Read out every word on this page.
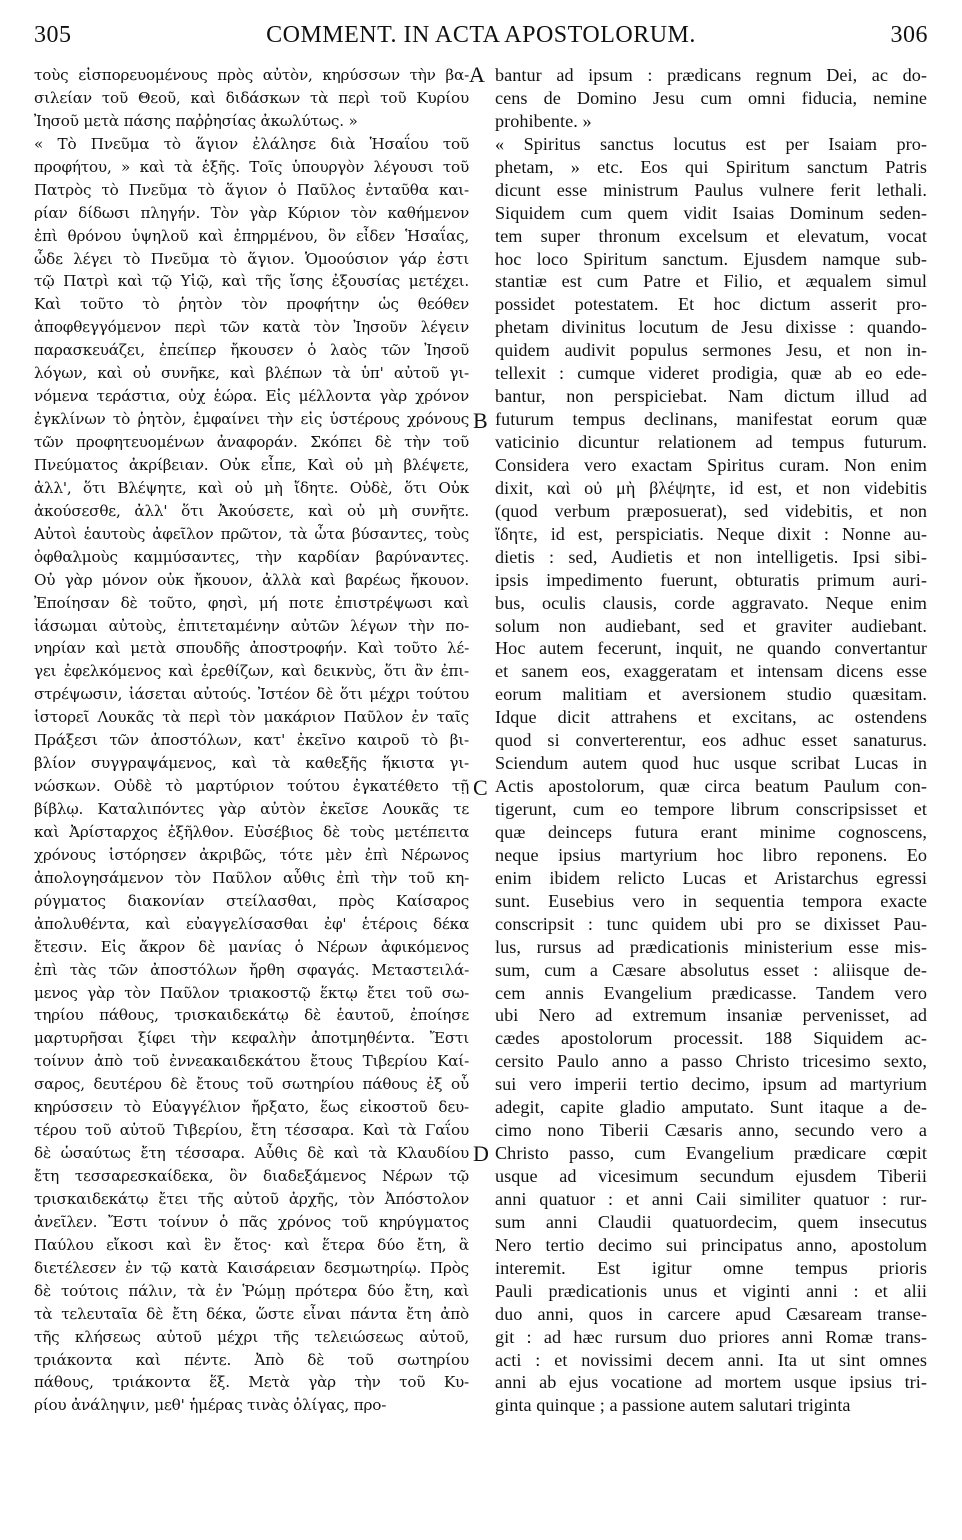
305	COMMENT. IN ACTA APOSTOLORUM.	306
τοὺς εἰσπορευομένους πρὸς αὐτὸν, κηρύσσων τὴν βα-
σιλείαν τοῦ Θεοῦ, καὶ διδάσκων τὰ περὶ τοῦ Κυρίου
Ἰησοῦ μετὰ πάσης παῤῥησίας ἀκωλύτως. »
« Τὸ Πνεῦμα τὸ ἅγιον ἐλάλησε διὰ Ἡσαΐου τοῦ
προφήτου, » καὶ τὰ ἑξῆς. Τοῖς ὑπουργὸν λέγουσι τοῦ
Πατρὸς τὸ Πνεῦμα τὸ ἅγιον ὁ Παῦλος ἐνταῦθα και-
ρίαν δίδωσι πληγήν. Τὸν γὰρ Κύριον τὸν καθήμενον
ἐπὶ θρόνου ὑψηλοῦ καὶ ἐπηρμένου, ὃν εἶδεν Ἡσαΐας,
ὧδε λέγει τὸ Πνεῦμα τὸ ἅγιον. Ὁμοούσιον γάρ ἐστι
τῷ Πατρὶ καὶ τῷ Υἱῷ, καὶ τῆς ἴσης ἐξουσίας μετέχει.
Καὶ τοῦτο τὸ ῥητὸν τὸν προφήτην ὡς θεόθεν
ἀποφθεγγόμενον περὶ τῶν κατὰ τὸν Ἰησοῦν λέγειν
παρασκευάζει, ἐπείπερ ἤκουσεν ὁ λαὸς τῶν Ἰησοῦ
λόγων, καὶ οὐ συνῆκε, καὶ βλέπων τὰ ὑπ' αὐτοῦ γι-
νόμενα τεράστια, οὐχ ἑώρα. Εἰς μέλλοντα γὰρ χρόνον
ἐγκλίνων τὸ ῥητὸν, ἐμφαίνει τὴν εἰς ὑστέρους χρόνους
τῶν προφητευομένων ἀναφοράν. Σκόπει δὲ τὴν τοῦ
Πνεύματος ἀκρίβειαν. Οὐκ εἶπε, Καὶ οὐ μὴ βλέψετε,
ἀλλ', ὅτι Βλέψητε, καὶ οὐ μὴ ἴδητε. Οὐδὲ, ὅτι Οὐκ
ἀκούσεσθε, ἀλλ' ὅτι Ἀκούσετε, καὶ οὐ μὴ συνῆτε.
Αὐτοὶ ἑαυτοὺς ἀφεῖλον πρῶτον, τὰ ὦτα βύσαντες, τοὺς
ὀφθαλμοὺς καμμύσαντες, τὴν καρδίαν βαρύναντες.
Οὐ γὰρ μόνον οὐκ ἤκουον, ἀλλὰ καὶ βαρέως ἤκουον.
Ἐποίησαν δὲ τοῦτο, φησὶ, μή ποτε ἐπιστρέψωσι καὶ
ἰάσωμαι αὐτοὺς, ἐπιτεταμένην αὐτῶν λέγων τὴν πο-
νηρίαν καὶ μετὰ σπουδῆς ἀποστροφήν. Καὶ τοῦτο λέ-
γει ἐφελκόμενος καὶ ἐρεθίζων, καὶ δεικνὺς, ὅτι ἂν ἐπι-
στρέψωσιν, ἰάσεται αὐτούς. Ἰστέον δὲ ὅτι μέχρι τούτου
ἱστορεῖ Λουκᾶς τὰ περὶ τὸν μακάριον Παῦλον ἐν ταῖς
Πράξεσι τῶν ἀποστόλων, κατ' ἐκεῖνο καιροῦ τὸ βι-
βλίον συγγραψάμενος, καὶ τὰ καθεξῆς ἥκιστα γι-
νώσκων. Οὐδὲ τὸ μαρτύριον τούτου ἐγκατέθετο τῇ
βίβλῳ. Καταλιπόντες γὰρ αὐτὸν ἐκεῖσε Λουκᾶς τε
καὶ Ἀρίσταρχος ἐξῆλθον. Εὐσέβιος δὲ τοὺς μετέπειτα
χρόνους ἱστόρησεν ἀκριβῶς, τότε μὲν ἐπὶ Νέρωνος
ἀπολογησάμενον τὸν Παῦλον αὖθις ἐπὶ τὴν τοῦ κη-
ρύγματος διακονίαν στείλασθαι, πρὸς Καίσαρος
ἀπολυθέντα, καὶ εὐαγγελίσασθαι ἐφ' ἑτέροις δέκα
ἔτεσιν. Εἰς ἄκρον δὲ μανίας ὁ Νέρων ἀφικόμενος
ἐπὶ τὰς τῶν ἀποστόλων ἤρθη σφαγάς. Μεταστειλά-
μενος γὰρ τὸν Παῦλον τριακοστῷ ἕκτῳ ἔτει τοῦ σω-
τηρίου πάθους, τρισκαιδεκάτῳ δὲ ἑαυτοῦ, ἐποίησε
μαρτυρῆσαι ξίφει τὴν κεφαλὴν ἀποτμηθέντα. Ἔστι
τοίνυν ἀπὸ τοῦ ἐννεακαιδεκάτου ἔτους Τιβερίου Καί-
σαρος, δευτέρου δὲ ἔτους τοῦ σωτηρίου πάθους ἐξ οὗ
κηρύσσειν τὸ Εὐαγγέλιον ἤρξατο, ἕως εἰκοστοῦ δευ-
τέρου τοῦ αὐτοῦ Τιβερίου, ἔτη τέσσαρα. Καὶ τὰ Γαΐου
δὲ ὡσαύτως ἔτη τέσσαρα. Αὖθις δὲ καὶ τὰ Κλαυδίου
ἔτη τεσσαρεσκαίδεκα, ὃν διαδεξάμενος Νέρων τῷ
τρισκαιδεκάτῳ ἔτει τῆς αὐτοῦ ἀρχῆς, τὸν Ἀπόστολον
ἀνεῖλεν. Ἔστι τοίνυν ὁ πᾶς χρόνος τοῦ κηρύγματος
Παύλου εἴκοσι καὶ ἓν ἔτος· καὶ ἕτερα δύο ἔτη, ἃ
διετέλεσεν ἐν τῷ κατὰ Καισάρειαν δεσμωτηρίῳ. Πρὸς
δὲ τούτοις πάλιν, τὰ ἐν Ῥώμῃ πρότερα δύο ἔτη, καὶ
τὰ τελευταῖα δὲ ἔτη δέκα, ὥστε εἶναι πάντα ἔτη ἀπὸ
τῆς κλήσεως αὐτοῦ μέχρι τῆς τελειώσεως αὐτοῦ,
τριάκοντα καὶ πέντε. Ἀπὸ δὲ τοῦ σωτηρίου
πάθους, τριάκοντα ἕξ. Μετὰ γὰρ τὴν τοῦ Κυ-
ρίου ἀνάληψιν, μεθ' ἡμέρας τινὰς ὀλίγας, προ-
bantur ad ipsum : prædicans regnum Dei, ac do-
cens de Domino Jesu cum omni fiducia, nemine
prohibente. »
« Spiritus sanctus locutus est per Isaiam pro-
phetam, » etc. Eos qui Spiritum sanctum Patris
dicunt esse ministrum Paulus vulnere ferit lethali.
Siquidem cum quem vidit Isaias Dominum seden-
tem super thronum excelsum et elevatum, vocat
hoc loco Spiritum sanctum. Ejusdem namque sub-
stantiæ est cum Patre et Filio, et æqualem simul
possidet potestatem. Et hoc dictum asserit pro-
phetam divinitus locutum de Jesu dixisse : quando-
quidem audivit populus sermones Jesu, et non in-
tellexit : cumque videret prodigia, quæ ab eo ede-
bantur, non perspiciebat. Nam dictum illud ad
futurum tempus declinans, manifestat eorum quæ
vaticinio dicuntur relationem ad tempus futurum.
Considera vero exactam Spiritus curam. Non enim
dixit, καὶ οὐ μὴ βλέψητε, id est, et non videbitis
(quod verbum præposuerat), sed videbitis, et non
ἴδητε, id est, perspiciatis. Neque dixit : Nonne au-
dietis : sed, Audietis et non intelligetis. Ipsi sibi-
ipsis impedimento fuerunt, obturatis primum auri-
bus, oculis clausis, corde aggravato. Neque enim
solum non audiebant, sed et graviter audiebant.
Hoc autem fecerunt, inquit, ne quando convertantur
et sanem eos, exaggeratam et intensam dicens esse
eorum malitiam et aversionem studio quæsitam.
Idque dicit attrahens et excitans, ac ostendens
quod si converterentur, eos adhuc esset sanaturus.
Sciendum autem quod huc usque scribat Lucas in
Actis apostolorum, quæ circa beatum Paulum con-
tigerunt, cum eo tempore librum conscripsisset et
quæ deinceps futura erant minime cognoscens,
neque ipsius martyrium hoc libro reponens. Eo
enim ibidem relicto Lucas et Aristarchus egressi
sunt. Eusebius vero in sequentia tempora exacte
conscripsit : tunc quidem ubi pro se dixisset Pau-
lus, rursus ad prædicationis ministerium esse mis-
sum, cum a Cæsare absolutus esset : aliisque de-
cem annis Evangelium prædicasse. Tandem vero
ubi Nero ad extremum insaniæ pervenisset, ad
cædes apostolorum processit. 188 Siquidem ac-
cersito Paulo anno a passo Christo tricesimo sexto,
sui vero imperii tertio decimo, ipsum ad martyrium
adegit, capite gladio amputato. Sunt itaque a de-
cimo nono Tiberii Cæsaris anno, secundo vero a
Christo passo, cum Evangelium prædicare cœpit
usque ad vicesimum secundum ejusdem Tiberii
anni quatuor : et anni Caii similiter quatuor : rur-
sum anni Claudii quatuordecim, quem insecutus
Nero tertio decimo sui principatus anno, apostolum
interemit. Est igitur omne tempus prioris
Pauli prædicationis unus et viginti anni : et alii
duo anni, quos in carcere apud Cæsaream transe-
git : ad hæc rursum duo priores anni Romæ trans-
acti : et novissimi decem anni. Ita ut sint omnes
anni ab ejus vocatione ad mortem usque ipsius tri-
ginta quinque ; a passione autem salutari triginta
A
B
C
D
